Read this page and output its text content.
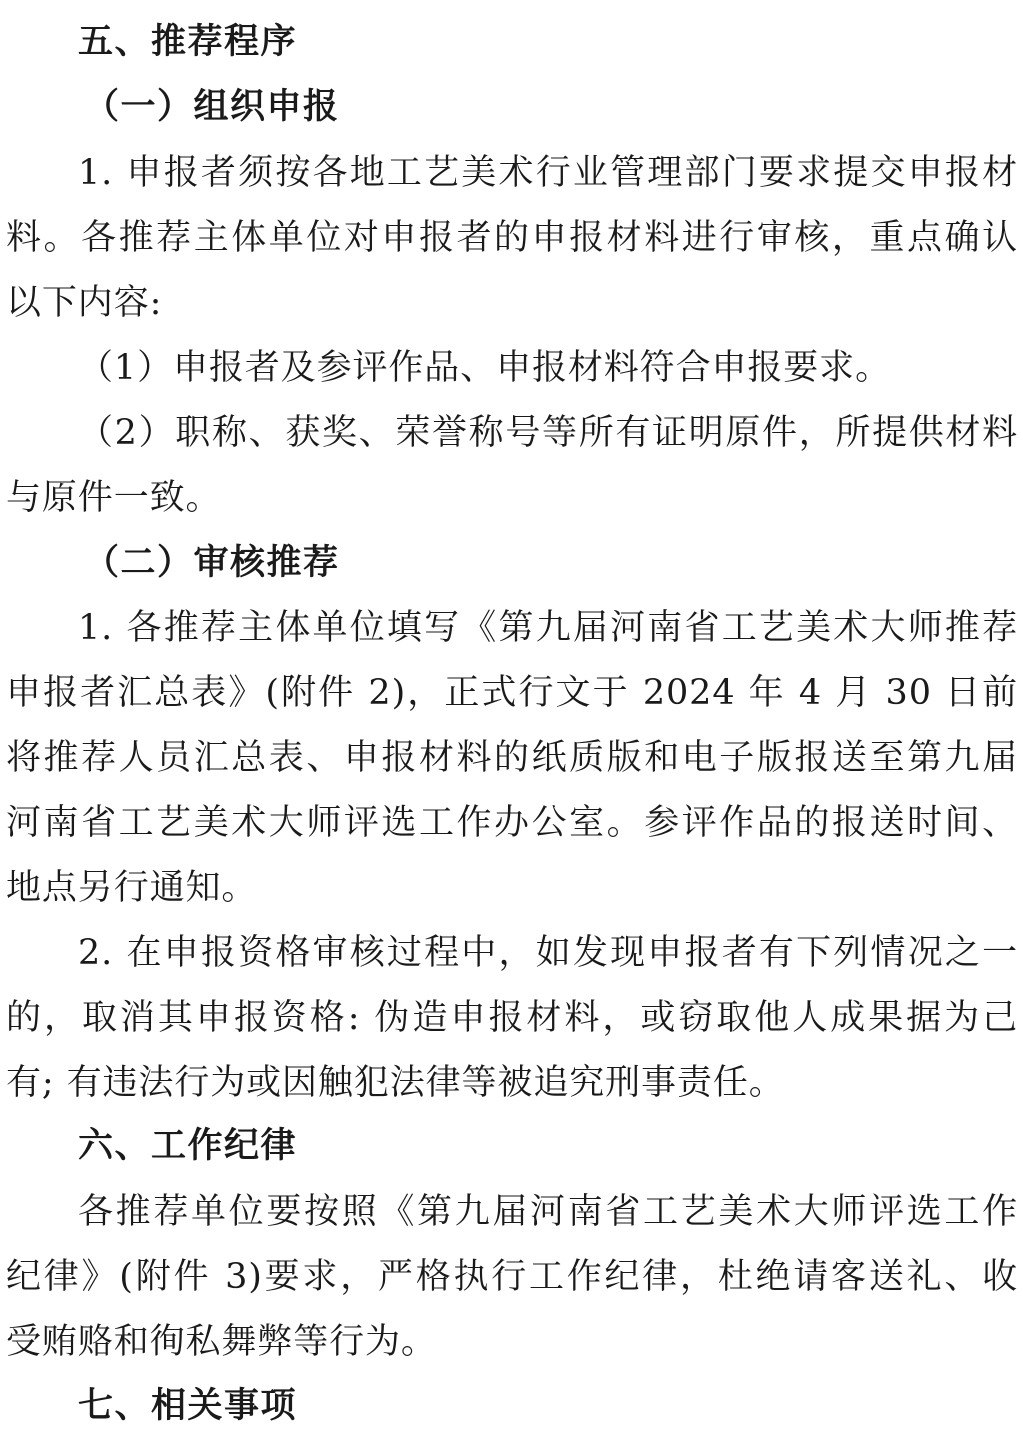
五、推荐程序
（一）组织申报
1. 申报者须按各地工艺美术行业管理部门要求提交申报材
料。各推荐主体单位对申报者的申报材料进行审核，重点确认
以下内容:
（1）申报者及参评作品、申报材料符合申报要求。
（2）职称、获奖、荣誉称号等所有证明原件，所提供材料
与原件一致。
（二）审核推荐
1. 各推荐主体单位填写《第九届河南省工艺美术大师推荐
申报者汇总表》(附件 2)，正式行文于 2024 年 4 月 30 日前
将推荐人员汇总表、申报材料的纸质版和电子版报送至第九届
河南省工艺美术大师评选工作办公室。参评作品的报送时间、
地点另行通知。
2. 在申报资格审核过程中，如发现申报者有下列情况之一
的，取消其申报资格: 伪造申报材料，或窃取他人成果据为己
有; 有违法行为或因触犯法律等被追究刑事责任。
六、工作纪律
各推荐单位要按照《第九届河南省工艺美术大师评选工作
纪律》(附件 3)要求，严格执行工作纪律，杜绝请客送礼、收
受贿赂和徇私舞弊等行为。
七、相关事项
